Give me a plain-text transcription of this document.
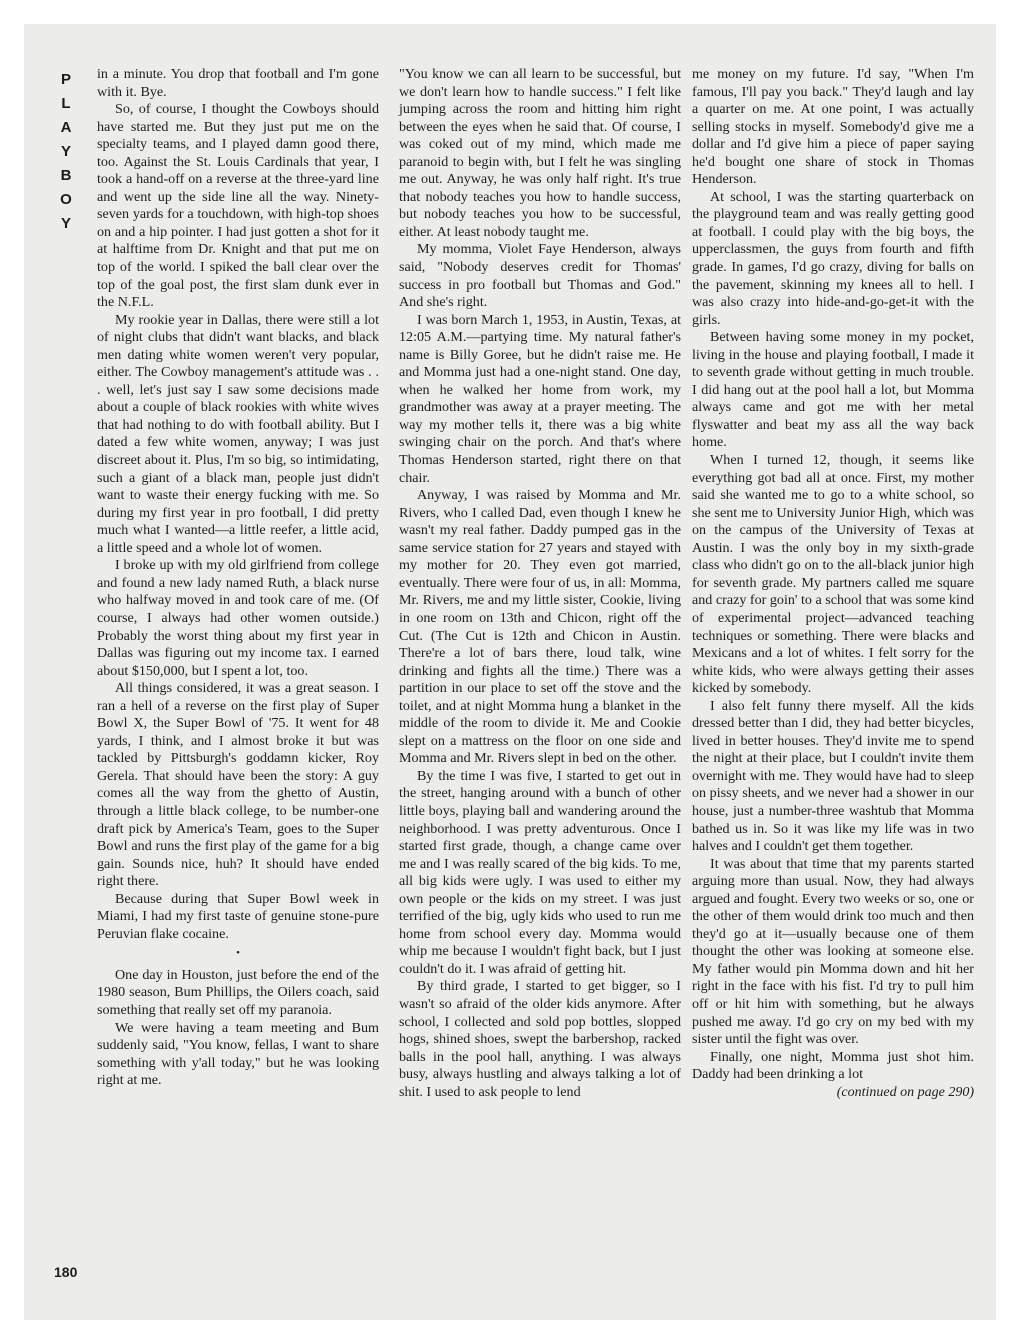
P
L
A
Y
B
O
Y
180

in a minute. You drop that football and I'm gone with it. Bye.

So, of course, I thought the Cowboys should have started me. But they just put me on the specialty teams, and I played damn good there, too. Against the St. Louis Cardinals that year, I took a hand-off on a reverse at the three-yard line and went up the side line all the way. Ninety-seven yards for a touchdown, with high-top shoes on and a hip pointer. I had just gotten a shot for it at halftime from Dr. Knight and that put me on top of the world. I spiked the ball clear over the top of the goal post, the first slam dunk ever in the N.F.L.

My rookie year in Dallas, there were still a lot of night clubs that didn't want blacks, and black men dating white women weren't very popular, either. The Cowboy management's attitude was . . . well, let's just say I saw some decisions made about a couple of black rookies with white wives that had nothing to do with football ability. But I dated a few white women, anyway; I was just discreet about it. Plus, I'm so big, so intimidating, such a giant of a black man, people just didn't want to waste their energy fucking with me. So during my first year in pro football, I did pretty much what I wanted—a little reefer, a little acid, a little speed and a whole lot of women.

I broke up with my old girlfriend from college and found a new lady named Ruth, a black nurse who halfway moved in and took care of me. (Of course, I always had other women outside.) Probably the worst thing about my first year in Dallas was figuring out my income tax. I earned about $150,000, but I spent a lot, too.

All things considered, it was a great season. I ran a hell of a reverse on the first play of Super Bowl X, the Super Bowl of '75. It went for 48 yards, I think, and I almost broke it but was tackled by Pittsburgh's goddamn kicker, Roy Gerela. That should have been the story: A guy comes all the way from the ghetto of Austin, through a little black college, to be number-one draft pick by America's Team, goes to the Super Bowl and runs the first play of the game for a big gain. Sounds nice, huh? It should have ended right there.

Because during that Super Bowl week in Miami, I had my first taste of genuine stone-pure Peruvian flake cocaine.

•

One day in Houston, just before the end of the 1980 season, Bum Phillips, the Oilers coach, said something that really set off my paranoia.

We were having a team meeting and Bum suddenly said, "You know, fellas, I want to share something with y'all today," but he was looking right at me.

"You know we can all learn to be successful, but we don't learn how to handle success." I felt like jumping across the room and hitting him right between the eyes when he said that. Of course, I was coked out of my mind, which made me paranoid to begin with, but I felt he was singling me out. Anyway, he was only half right. It's true that nobody teaches you how to handle success, but nobody teaches you how to be successful, either. At least nobody taught me.

My momma, Violet Faye Henderson, always said, "Nobody deserves credit for Thomas' success in pro football but Thomas and God." And she's right.

I was born March 1, 1953, in Austin, Texas, at 12:05 A.M.—partying time. My natural father's name is Billy Goree, but he didn't raise me. He and Momma just had a one-night stand. One day, when he walked her home from work, my grandmother was away at a prayer meeting. The way my mother tells it, there was a big white swinging chair on the porch. And that's where Thomas Henderson started, right there on that chair.

Anyway, I was raised by Momma and Mr. Rivers, who I called Dad, even though I knew he wasn't my real father. Daddy pumped gas in the same service station for 27 years and stayed with my mother for 20. They even got married, eventually. There were four of us, in all: Momma, Mr. Rivers, me and my little sister, Cookie, living in one room on 13th and Chicon, right off the Cut. (The Cut is 12th and Chicon in Austin. There're a lot of bars there, loud talk, wine drinking and fights all the time.) There was a partition in our place to set off the stove and the toilet, and at night Momma hung a blanket in the middle of the room to divide it. Me and Cookie slept on a mattress on the floor on one side and Momma and Mr. Rivers slept in bed on the other.

By the time I was five, I started to get out in the street, hanging around with a bunch of other little boys, playing ball and wandering around the neighborhood. I was pretty adventurous. Once I started first grade, though, a change came over me and I was really scared of the big kids. To me, all big kids were ugly. I was used to either my own people or the kids on my street. I was just terrified of the big, ugly kids who used to run me home from school every day. Momma would whip me because I wouldn't fight back, but I just couldn't do it. I was afraid of getting hit.

By third grade, I started to get bigger, so I wasn't so afraid of the older kids anymore. After school, I collected and sold pop bottles, slopped hogs, shined shoes, swept the barbershop, racked balls in the pool hall, anything. I was always busy, always hustling and always talking a lot of shit. I used to ask people to lend

me money on my future. I'd say, "When I'm famous, I'll pay you back." They'd laugh and lay a quarter on me. At one point, I was actually selling stocks in myself. Somebody'd give me a dollar and I'd give him a piece of paper saying he'd bought one share of stock in Thomas Henderson.

At school, I was the starting quarterback on the playground team and was really getting good at football. I could play with the big boys, the upperclassmen, the guys from fourth and fifth grade. In games, I'd go crazy, diving for balls on the pavement, skinning my knees all to hell. I was also crazy into hide-and-go-get-it with the girls.

Between having some money in my pocket, living in the house and playing football, I made it to seventh grade without getting in much trouble. I did hang out at the pool hall a lot, but Momma always came and got me with her metal flyswatter and beat my ass all the way back home.

When I turned 12, though, it seems like everything got bad all at once. First, my mother said she wanted me to go to a white school, so she sent me to University Junior High, which was on the campus of the University of Texas at Austin. I was the only boy in my sixth-grade class who didn't go on to the all-black junior high for seventh grade. My partners called me square and crazy for goin' to a school that was some kind of experimental project—advanced teaching techniques or something. There were blacks and Mexicans and a lot of whites. I felt sorry for the white kids, who were always getting their asses kicked by somebody.

I also felt funny there myself. All the kids dressed better than I did, they had better bicycles, lived in better houses. They'd invite me to spend the night at their place, but I couldn't invite them overnight with me. They would have had to sleep on pissy sheets, and we never had a shower in our house, just a number-three washtub that Momma bathed us in. So it was like my life was in two halves and I couldn't get them together.

It was about that time that my parents started arguing more than usual. Now, they had always argued and fought. Every two weeks or so, one or the other of them would drink too much and then they'd go at it—usually because one of them thought the other was looking at someone else. My father would pin Momma down and hit her right in the face with his fist. I'd try to pull him off or hit him with something, but he always pushed me away. I'd go cry on my bed with my sister until the fight was over.

Finally, one night, Momma just shot him. Daddy had been drinking a lot

(continued on page 290)
